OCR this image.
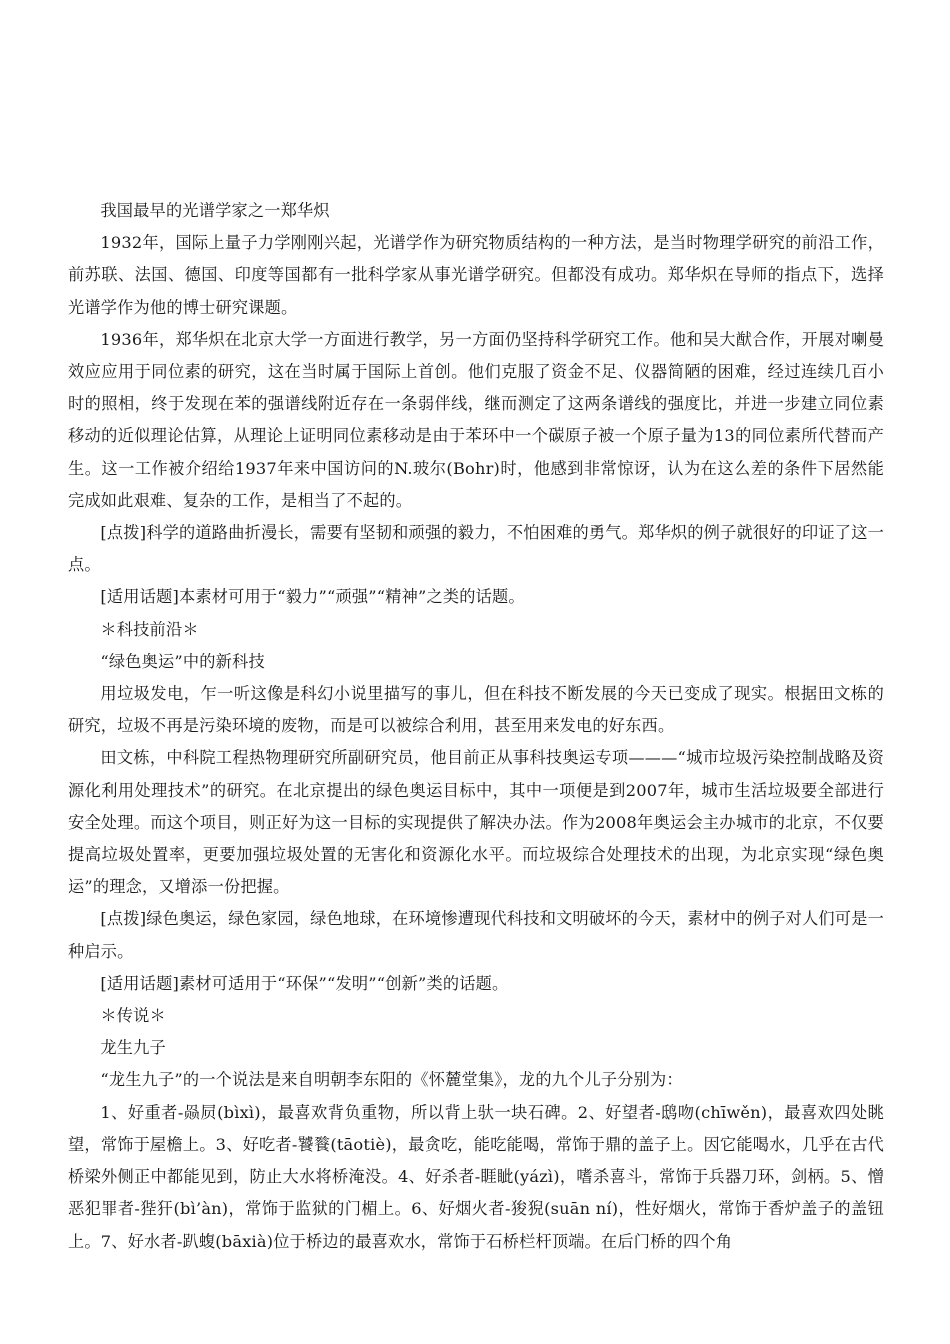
我国最早的光谱学家之一郑华炽

1932年，国际上量子力学刚刚兴起，光谱学作为研究物质结构的一种方法，是当时物理学研究的前沿工作，前苏联、法国、德国、印度等国都有一批科学家从事光谱学研究。但都没有成功。郑华炽在导师的指点下，选择光谱学作为他的博士研究课题。

1936年，郑华炽在北京大学一方面进行教学，另一方面仍坚持科学研究工作。他和吴大猷合作，开展对喇曼效应应用于同位素的研究，这在当时属于国际上首创。他们克服了资金不足、仪器简陋的困难，经过连续几百小时的照相，终于发现在苯的强谱线附近存在一条弱伴线，继而测定了这两条谱线的强度比，并进一步建立同位素移动的近似理论估算，从理论上证明同位素移动是由于苯环中一个碳原子被一个原子量为13的同位素所代替而产生。这一工作被介绍给1937年来中国访问的N.玻尔(Bohr)时，他感到非常惊讶，认为在这么差的条件下居然能完成如此艰难、复杂的工作，是相当了不起的。

[点拨]科学的道路曲折漫长，需要有坚韧和顽强的毅力，不怕困难的勇气。郑华炽的例子就很好的印证了这一点。

[适用话题]本素材可用于“毅力”“顽强”“精神”之类的话题。

＊科技前沿＊

“绿色奥运”中的新科技

用垃圾发电，乍一听这像是科幻小说里描写的事儿，但在科技不断发展的今天已变成了现实。根据田文栋的研究，垃圾不再是污染环境的废物，而是可以被综合利用，甚至用来发电的好东西。

田文栋，中科院工程热物理研究所副研究员，他目前正从事科技奥运专项———“城市垃圾污染控制战略及资源化利用处理技术”的研究。在北京提出的绿色奥运目标中，其中一项便是到2007年，城市生活垃圾要全部进行安全处理。而这个项目，则正好为这一目标的实现提供了解决办法。作为2008年奥运会主办城市的北京，不仅要提高垃圾处置率，更要加强垃圾处置的无害化和资源化水平。而垃圾综合处理技术的出现，为北京实现“绿色奥运”的理念，又增添一份把握。

[点拨]绿色奥运，绿色家园，绿色地球，在环境惨遭现代科技和文明破坏的今天，素材中的例子对人们可是一种启示。

[适用话题]素材可适用于“环保”“发明”“创新”类的话题。

＊传说＊

龙生九子

“龙生九子”的一个说法是来自明朝李东阳的《怀麓堂集》，龙的九个儿子分别为：

1、好重者-赑屃(bìxì)，最喜欢背负重物，所以背上驮一块石碑。2、好望者-鸱吻(chīwěn)，最喜欢四处眺望，常饰于屋檐上。3、好吃者-饕餮(tāotiè)，最贪吃，能吃能喝，常饰于鼎的盖子上。因它能喝水，几乎在古代桥梁外侧正中都能见到，防止大水将桥淹没。4、好杀者-睚眦(yázì)，嗜杀喜斗，常饰于兵器刀环，剑柄。5、憎恶犯罪者-狴犴(bì’àn)，常饰于监狱的门楣上。6、好烟火者-狻猊(suān ní)，性好烟火，常饰于香炉盖子的盖钮上。7、好水者-趴蝮(bāxià)位于桥边的最喜欢水，常饰于石桥栏杆顶端。在后门桥的四个角
